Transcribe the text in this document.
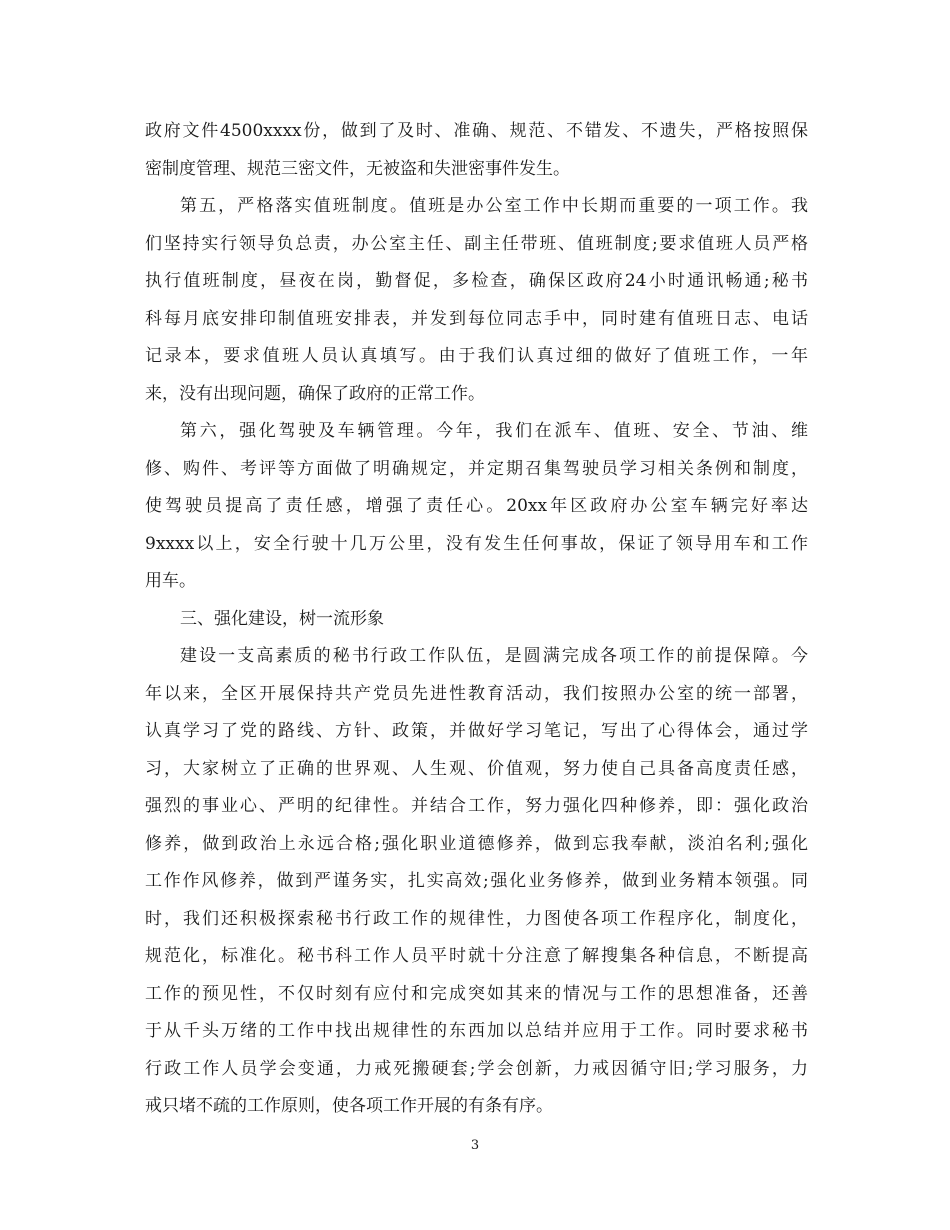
政府文件4500xxxx份，做到了及时、准确、规范、不错发、不遗失，严格按照保
密制度管理、规范三密文件，无被盗和失泄密事件发生。
第五，严格落实值班制度。值班是办公室工作中长期而重要的一项工作。我
们坚持实行领导负总责，办公室主任、副主任带班、值班制度;要求值班人员严格
执行值班制度，昼夜在岗，勤督促，多检查，确保区政府24小时通讯畅通;秘书
科每月底安排印制值班安排表，并发到每位同志手中，同时建有值班日志、电话
记录本，要求值班人员认真填写。由于我们认真过细的做好了值班工作，一年
来，没有出现问题，确保了政府的正常工作。
第六，强化驾驶及车辆管理。今年，我们在派车、值班、安全、节油、维
修、购件、考评等方面做了明确规定，并定期召集驾驶员学习相关条例和制度，
使驾驶员提高了责任感，增强了责任心。20xx年区政府办公室车辆完好率达
9xxxx以上，安全行驶十几万公里，没有发生任何事故，保证了领导用车和工作
用车。
三、强化建设，树一流形象
建设一支高素质的秘书行政工作队伍，是圆满完成各项工作的前提保障。今
年以来，全区开展保持共产党员先进性教育活动，我们按照办公室的统一部署，
认真学习了党的路线、方针、政策，并做好学习笔记，写出了心得体会，通过学
习，大家树立了正确的世界观、人生观、价值观，努力使自己具备高度责任感，
强烈的事业心、严明的纪律性。并结合工作，努力强化四种修养，即：强化政治
修养，做到政治上永远合格;强化职业道德修养，做到忘我奉献，淡泊名利;强化
工作作风修养，做到严谨务实，扎实高效;强化业务修养，做到业务精本领强。同
时，我们还积极探索秘书行政工作的规律性，力图使各项工作程序化，制度化，
规范化，标准化。秘书科工作人员平时就十分注意了解搜集各种信息，不断提高
工作的预见性，不仅时刻有应付和完成突如其来的情况与工作的思想准备，还善
于从千头万绪的工作中找出规律性的东西加以总结并应用于工作。同时要求秘书
行政工作人员学会变通，力戒死搬硬套;学会创新，力戒因循守旧;学习服务，力
戒只堵不疏的工作原则，使各项工作开展的有条有序。
3
